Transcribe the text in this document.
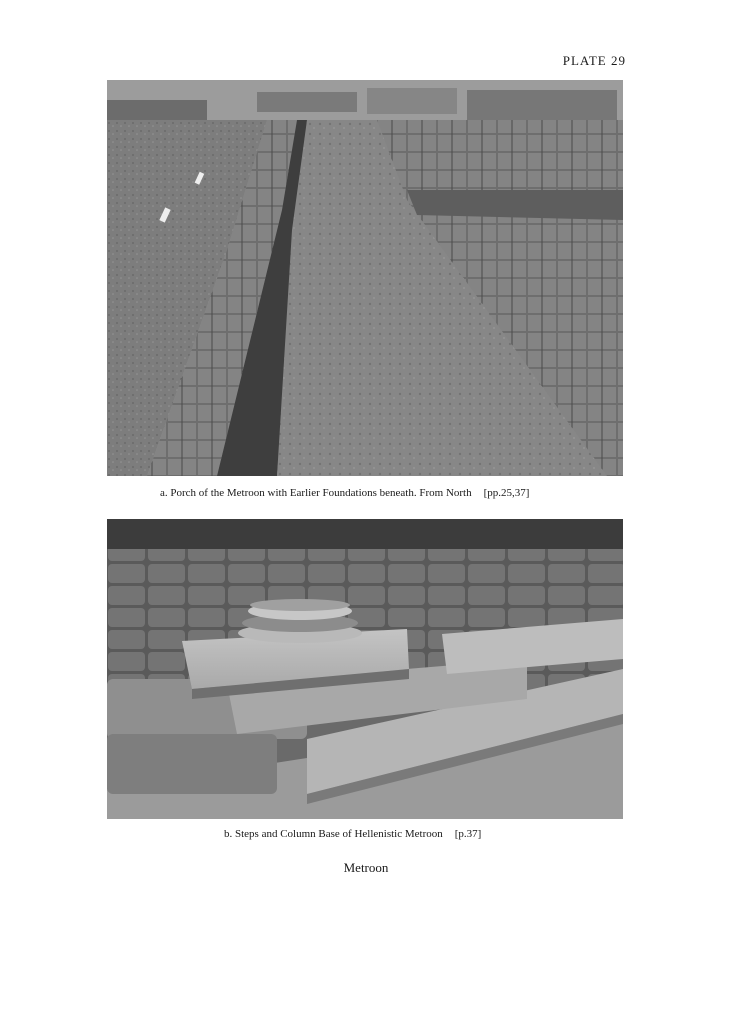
PLATE 29
a. Porch of the Metroon with Earlier Foundations beneath. From North [pp.25,37]
b. Steps and Column Base of Hellenistic Metroon [p.37]
Metroon
